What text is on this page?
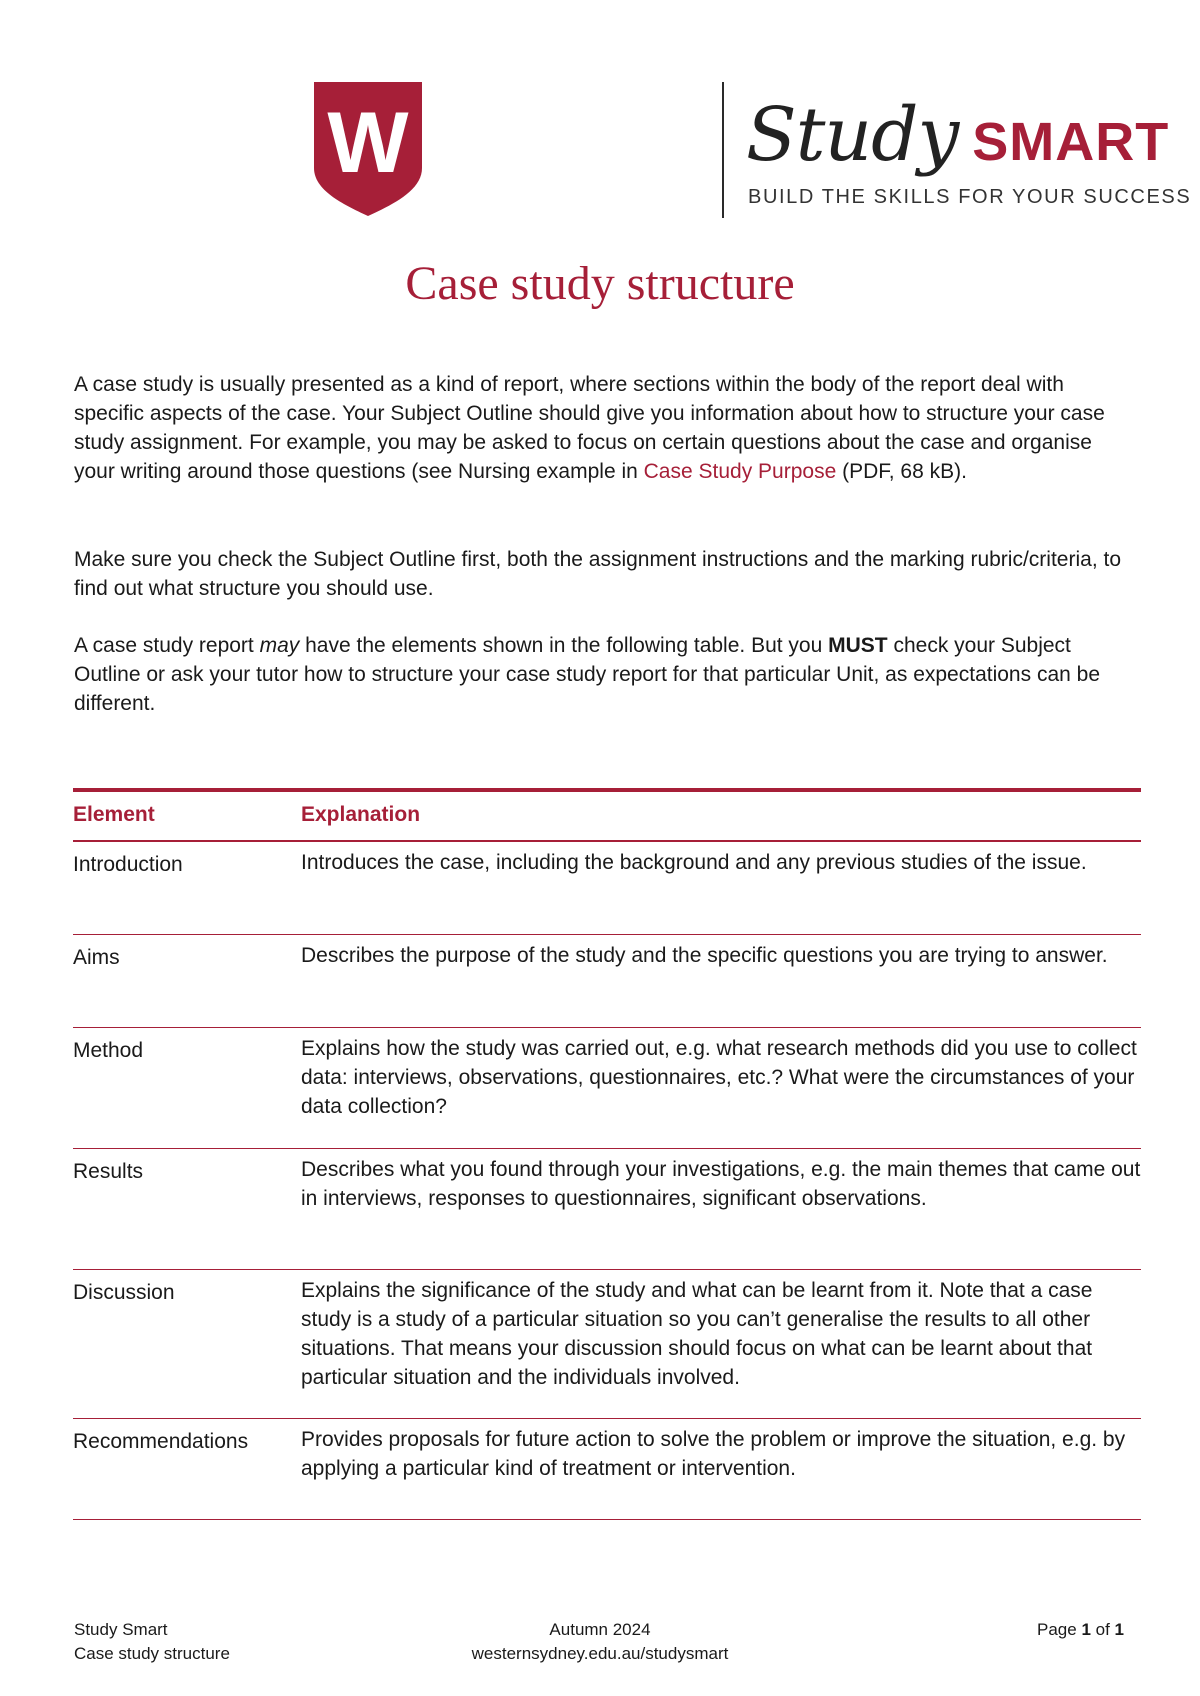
W	Study SMART
BUILD THE SKILLS FOR YOUR SUCCESS
Case study structure

A case study is usually presented as a kind of report, where sections within the body of the report deal with specific aspects of the case. Your Subject Outline should give you information about how to structure your case study assignment. For example, you may be asked to focus on certain questions about the case and organise your writing around those questions (see Nursing example in Case Study Purpose (PDF, 68 kB).

Make sure you check the Subject Outline first, both the assignment instructions and the marking rubric/criteria, to find out what structure you should use.

A case study report may have the elements shown in the following table. But you MUST check your Subject Outline or ask your tutor how to structure your case study report for that particular Unit, as expectations can be different.

Element	Explanation
Introduction	Introduces the case, including the background and any previous studies of the issue.
Aims	Describes the purpose of the study and the specific questions you are trying to answer.
Method	Explains how the study was carried out, e.g. what research methods did you use to collect data: interviews, observations, questionnaires, etc.? What were the circumstances of your data collection?
Results	Describes what you found through your investigations, e.g. the main themes that came out in interviews, responses to questionnaires, significant observations.
Discussion	Explains the significance of the study and what can be learnt from it. Note that a case study is a study of a particular situation so you can’t generalise the results to all other situations. That means your discussion should focus on what can be learnt about that particular situation and the individuals involved.
Recommendations	Provides proposals for future action to solve the problem or improve the situation, e.g. by applying a particular kind of treatment or intervention.
Study Smart
Case study structure
Autumn 2024
westernsydney.edu.au/studysmart
Page 1 of 1
